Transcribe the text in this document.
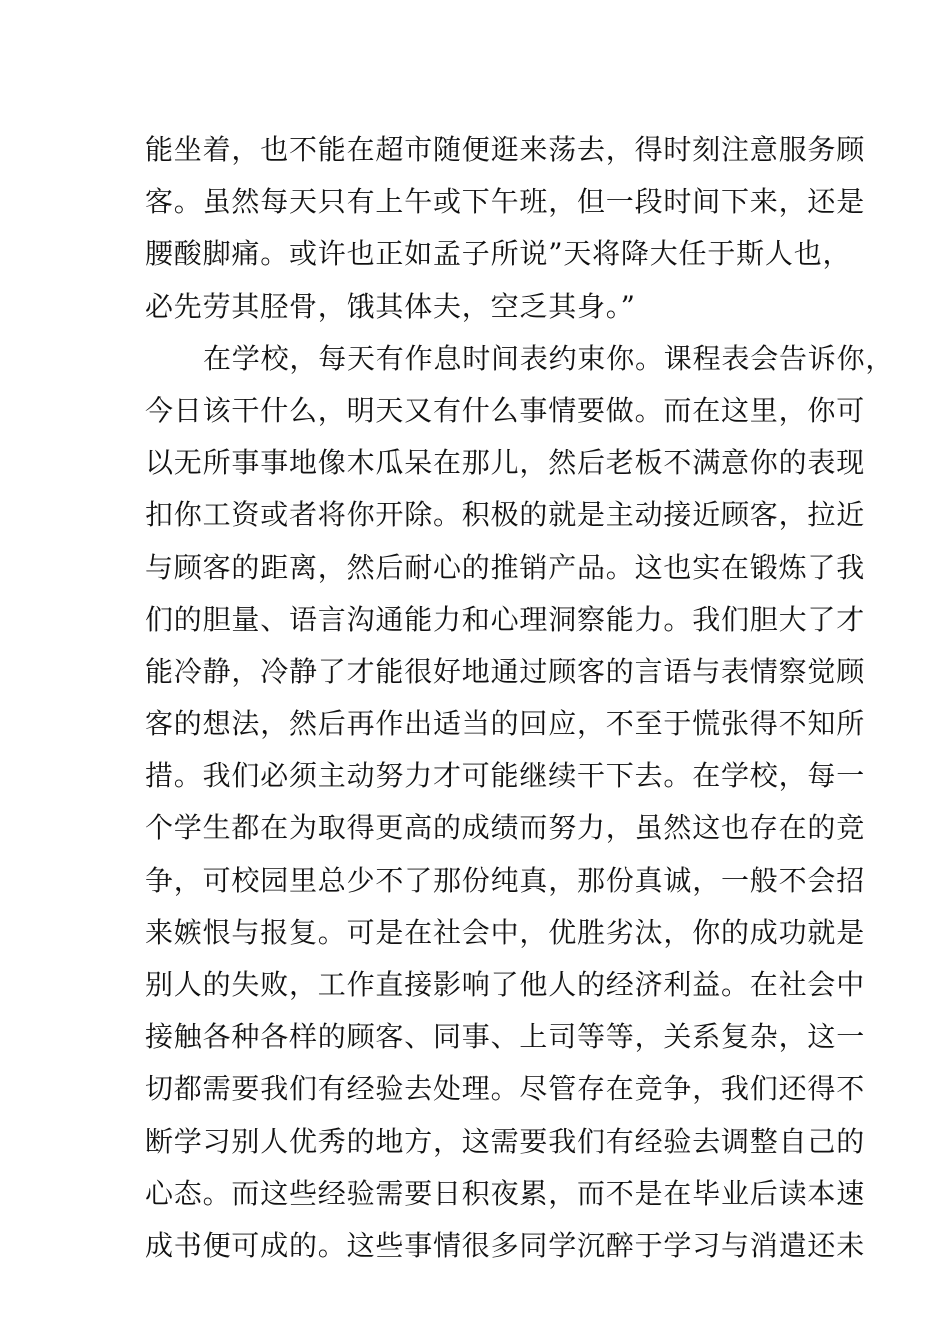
能坐着，也不能在超市随便逛来荡去，得时刻注意服务顾
客。虽然每天只有上午或下午班，但一段时间下来，还是
腰酸脚痛。或许也正如孟子所说”天将降大任于斯人也，
必先劳其胫骨，饿其体夫，空乏其身。”
在学校，每天有作息时间表约束你。课程表会告诉你，
今日该干什么，明天又有什么事情要做。而在这里，你可
以无所事事地像木瓜呆在那儿，然后老板不满意你的表现
扣你工资或者将你开除。积极的就是主动接近顾客，拉近
与顾客的距离，然后耐心的推销产品。这也实在锻炼了我
们的胆量、语言沟通能力和心理洞察能力。我们胆大了才
能冷静，冷静了才能很好地通过顾客的言语与表情察觉顾
客的想法，然后再作出适当的回应，不至于慌张得不知所
措。我们必须主动努力才可能继续干下去。在学校，每一
个学生都在为取得更高的成绩而努力，虽然这也存在的竞
争，可校园里总少不了那份纯真，那份真诚，一般不会招
来嫉恨与报复。可是在社会中，优胜劣汰，你的成功就是
别人的失败，工作直接影响了他人的经济利益。在社会中
接触各种各样的顾客、同事、上司等等，关系复杂，这一
切都需要我们有经验去处理。尽管存在竞争，我们还得不
断学习别人优秀的地方，这需要我们有经验去调整自己的
心态。而这些经验需要日积夜累，而不是在毕业后读本速
成书便可成的。这些事情很多同学沉醉于学习与消遣还未
